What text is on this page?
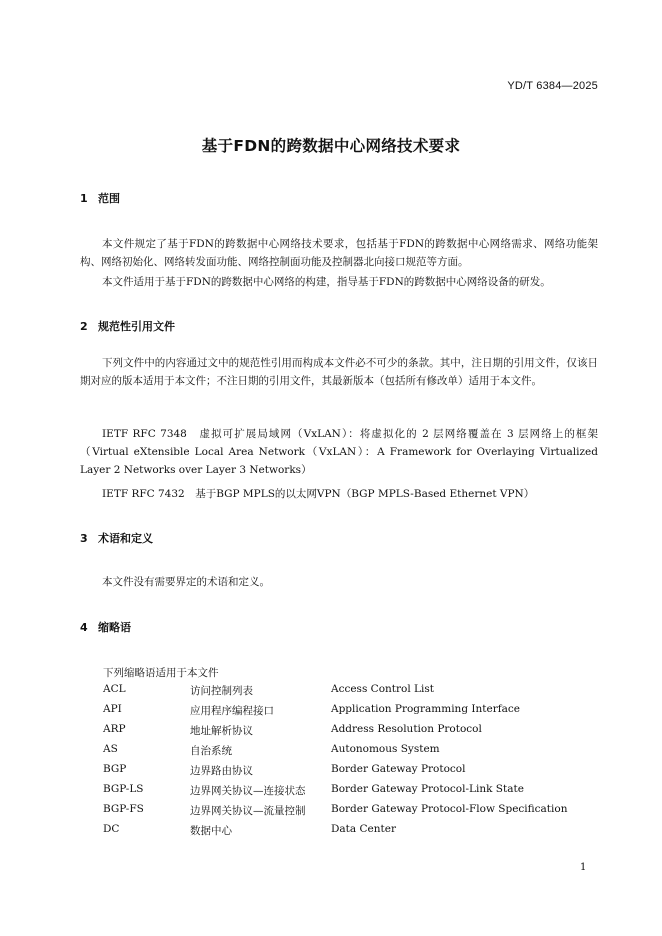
YD/T 6384—2025
基于FDN的跨数据中心网络技术要求
1 范围
本文件规定了基于FDN的跨数据中心网络技术要求，包括基于FDN的跨数据中心网络需求、网络功能架构、网络初始化、网络转发面功能、网络控制面功能及控制器北向接口规范等方面。
本文件适用于基于FDN的跨数据中心网络的构建，指导基于FDN的跨数据中心网络设备的研发。
2 规范性引用文件
下列文件中的内容通过文中的规范性引用而构成本文件必不可少的条款。其中，注日期的引用文件，仅该日期对应的版本适用于本文件；不注日期的引用文件，其最新版本（包括所有修改单）适用于本文件。
IETF RFC 7348　虚拟可扩展局域网（VxLAN）：将虚拟化的 2 层网络覆盖在 3 层网络上的框架（Virtual eXtensible Local Area Network（VxLAN）：A Framework for Overlaying Virtualized Layer 2 Networks over Layer 3 Networks）
IETF RFC 7432　基于BGP MPLS的以太网VPN（BGP MPLS-Based Ethernet VPN）
3 术语和定义
本文件没有需要界定的术语和定义。
4 缩略语
下列缩略语适用于本文件
ACL	访问控制列表	Access Control List
API	应用程序编程接口	Application Programming Interface
ARP	地址解析协议	Address Resolution Protocol
AS	自治系统	Autonomous System
BGP	边界路由协议	Border Gateway Protocol
BGP-LS	边界网关协议—连接状态 Border Gateway Protocol-Link State
BGP-FS	边界网关协议—流量控制 Border Gateway Protocol-Flow Specification
DC	数据中心	Data Center
1
